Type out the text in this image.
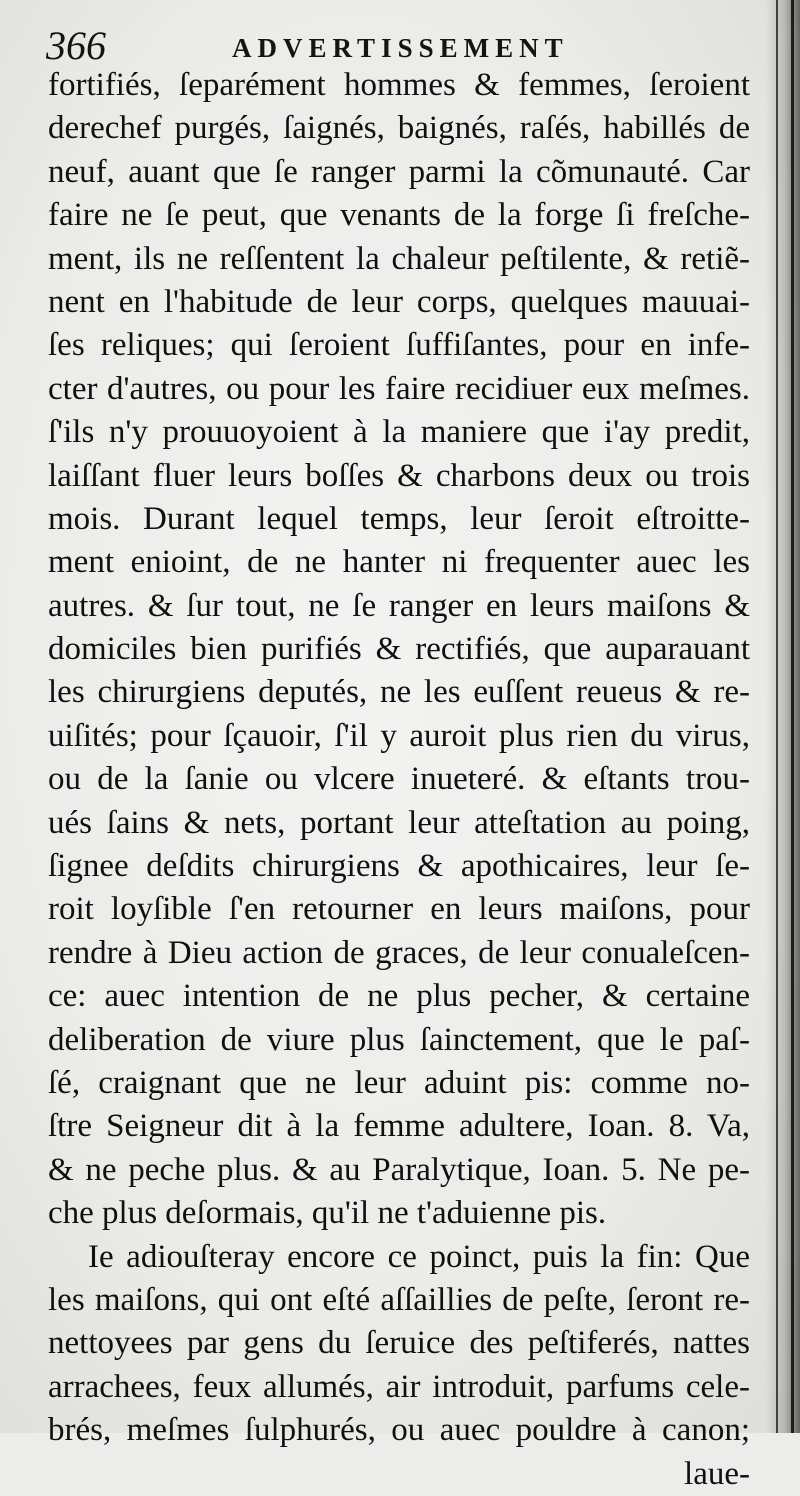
366	ADVERTISSEMENT
fortifiés, ſeparément hommes & femmes, ſeroient
derechef purgés, ſaignés, baignés, raſés, habillés de
neuf, auant que ſe ranger parmi la cõmunauté. Car
faire ne ſe peut, que venants de la forge ſi freſche-
ment, ils ne reſſentent la chaleur peſtilente, & retiẽ-
nent en l'habitude de leur corps, quelques mauuai-
ſes reliques; qui ſeroient ſuffiſantes, pour en infe-
cter d'autres, ou pour les faire recidiuer eux meſmes.
ſ'ils n'y prouuoyoient à la maniere que i'ay predit,
laiſſant fluer leurs boſſes & charbons deux ou trois
mois. Durant lequel temps, leur ſeroit eſtroitte-
ment enioint, de ne hanter ni frequenter auec les
autres. & ſur tout, ne ſe ranger en leurs maiſons &
domiciles bien purifiés & rectifiés, que auparauant
les chirurgiens deputés, ne les euſſent reueus & re-
uiſités; pour ſçauoir, ſ'il y auroit plus rien du virus,
ou de la ſanie ou vlcere inueteré. & eſtants trou-
ués ſains & nets, portant leur atteſtation au poing,
ſignee deſdits chirurgiens & apothicaires, leur ſe-
roit loyſible ſ'en retourner en leurs maiſons, pour
rendre à Dieu action de graces, de leur conualeſcen-
ce: auec intention de ne plus pecher, & certaine
deliberation de viure plus ſainctement, que le paſ-
ſé, craignant que ne leur aduint pis: comme no-
ſtre Seigneur dit à la femme adultere, Ioan. 8. Va,
& ne peche plus. & au Paralytique, Ioan. 5. Ne pe-
che plus deſormais, qu'il ne t'aduienne pis.
Ie adiouſteray encore ce poinct, puis la fin: Que
les maiſons, qui ont eſté aſſaillies de peſte, ſeront re-
nettoyees par gens du ſeruice des peſtiferés, nattes
arrachees, feux allumés, air introduit, parfums cele-
brés, meſmes ſulphurés, ou auec pouldre à canon;
laue-
